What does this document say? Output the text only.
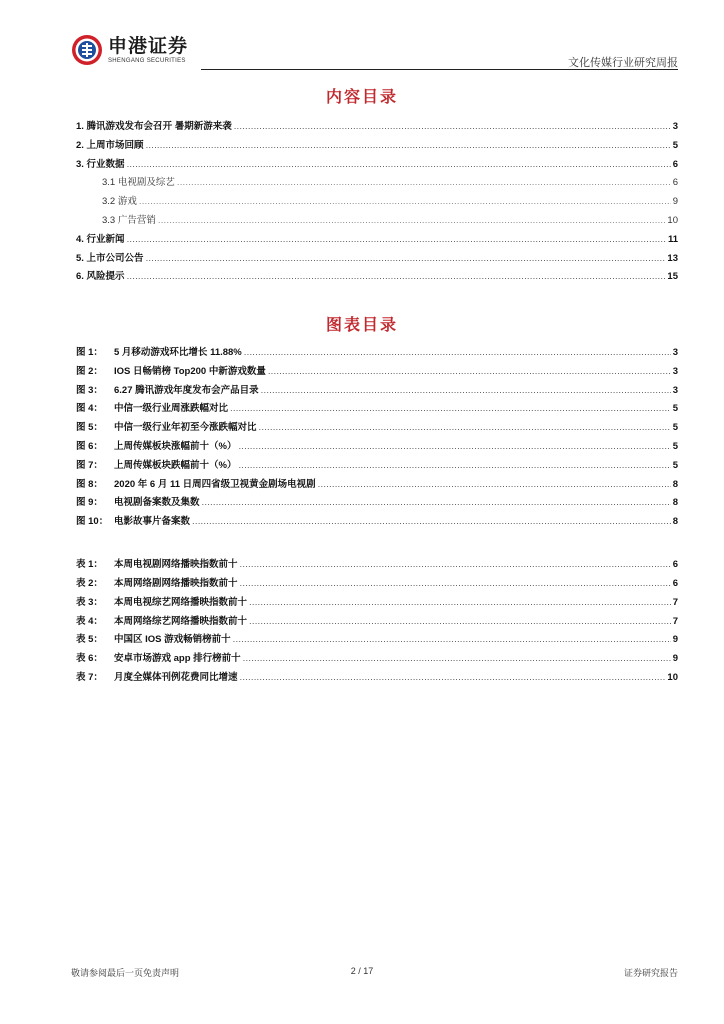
申港证券
SHENGANG SECURITIES	文化传媒行业研究周报
内容目录
1. 腾讯游戏发布会召开 暑期新游来袭 .....	3
2. 上周市场回顾 .....	5
3. 行业数据 .....	6
3.1 电视剧及综艺 .....	6
3.2 游戏 .....	9
3.3 广告营销 .....	10
4. 行业新闻 .....	11
5. 上市公司公告 .....	13
6. 风险提示 .....	15
图表目录
图 1： 5 月移动游戏环比增长 11.88% .....	3
图 2： IOS 日畅销榜 Top200 中新游戏数量 .....	3
图 3： 6.27 腾讯游戏年度发布会产品目录 .....	3
图 4： 中信一级行业周涨跌幅对比 .....	5
图 5： 中信一级行业年初至今涨跌幅对比 .....	5
图 6： 上周传媒板块涨幅前十（%） .....	5
图 7： 上周传媒板块跌幅前十（%） .....	5
图 8： 2020 年 6 月 11 日周四省级卫视黄金剧场电视剧 .....	8
图 9： 电视剧备案数及集数 .....	8
图 10： 电影故事片备案数 .....	8
表 1： 本周电视剧网络播映指数前十 .....	6
表 2： 本周网络剧网络播映指数前十 .....	6
表 3： 本周电视综艺网络播映指数前十 .....	7
表 4： 本周网络综艺网络播映指数前十 .....	7
表 5： 中国区 IOS 游戏畅销榜前十 .....	9
表 6： 安卓市场游戏 app 排行榜前十 .....	9
表 7： 月度全媒体刊例花费同比增速 .....	10
敬请参阅最后一页免责声明	2 / 17	证券研究报告
